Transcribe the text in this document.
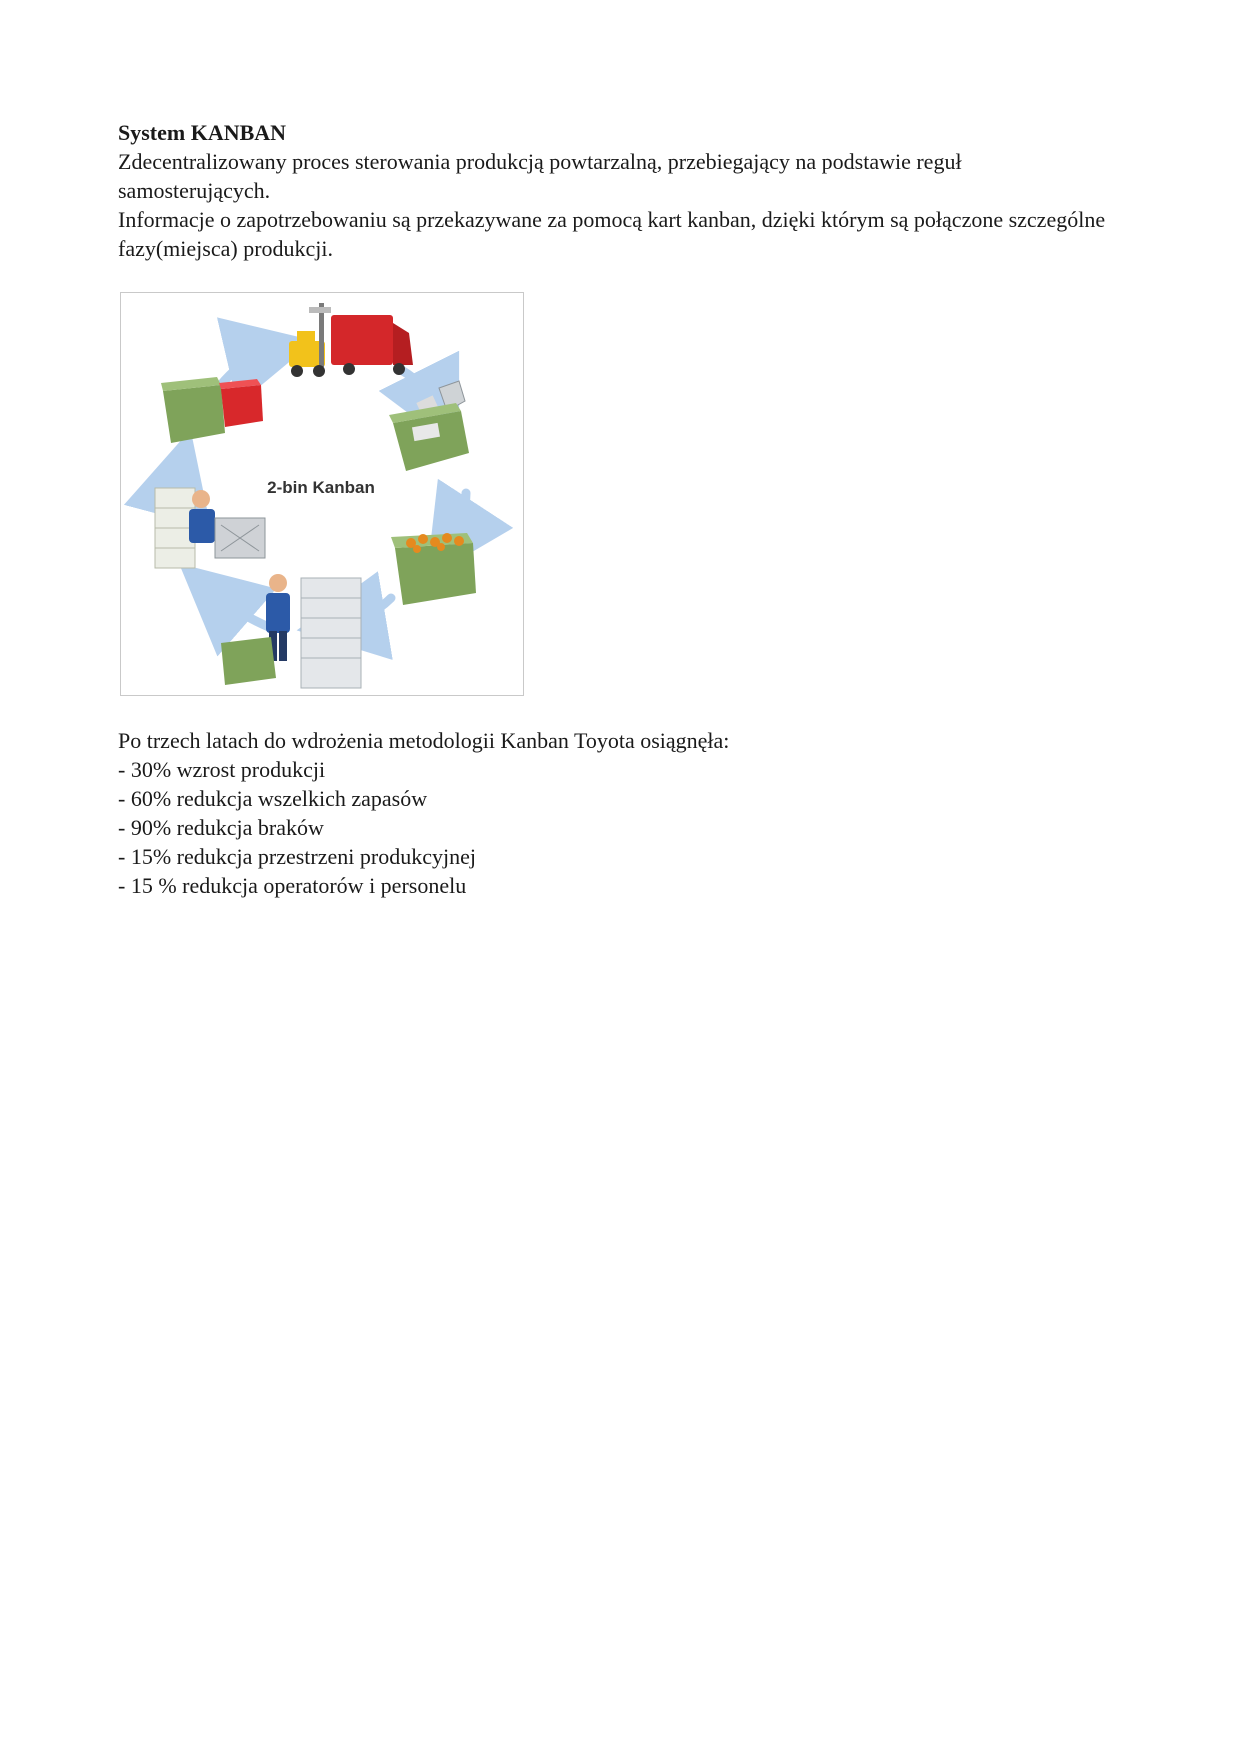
System KANBAN

Zdecentralizowany proces sterowania produkcją powtarzalną, przebiegający na podstawie reguł samosterujących.

Informacje o zapotrzebowaniu są przekazywane za pomocą kart kanban, dzięki którym są połączone szczególne fazy(miejsca) produkcji.

2-bin Kanban

Po trzech latach do wdrożenia metodologii Kanban Toyota osiągnęła:

- 30% wzrost produkcji
- 60% redukcja wszelkich zapasów
- 90% redukcja braków
- 15% redukcja przestrzeni produkcyjnej
- 15 % redukcja operatorów i personelu
